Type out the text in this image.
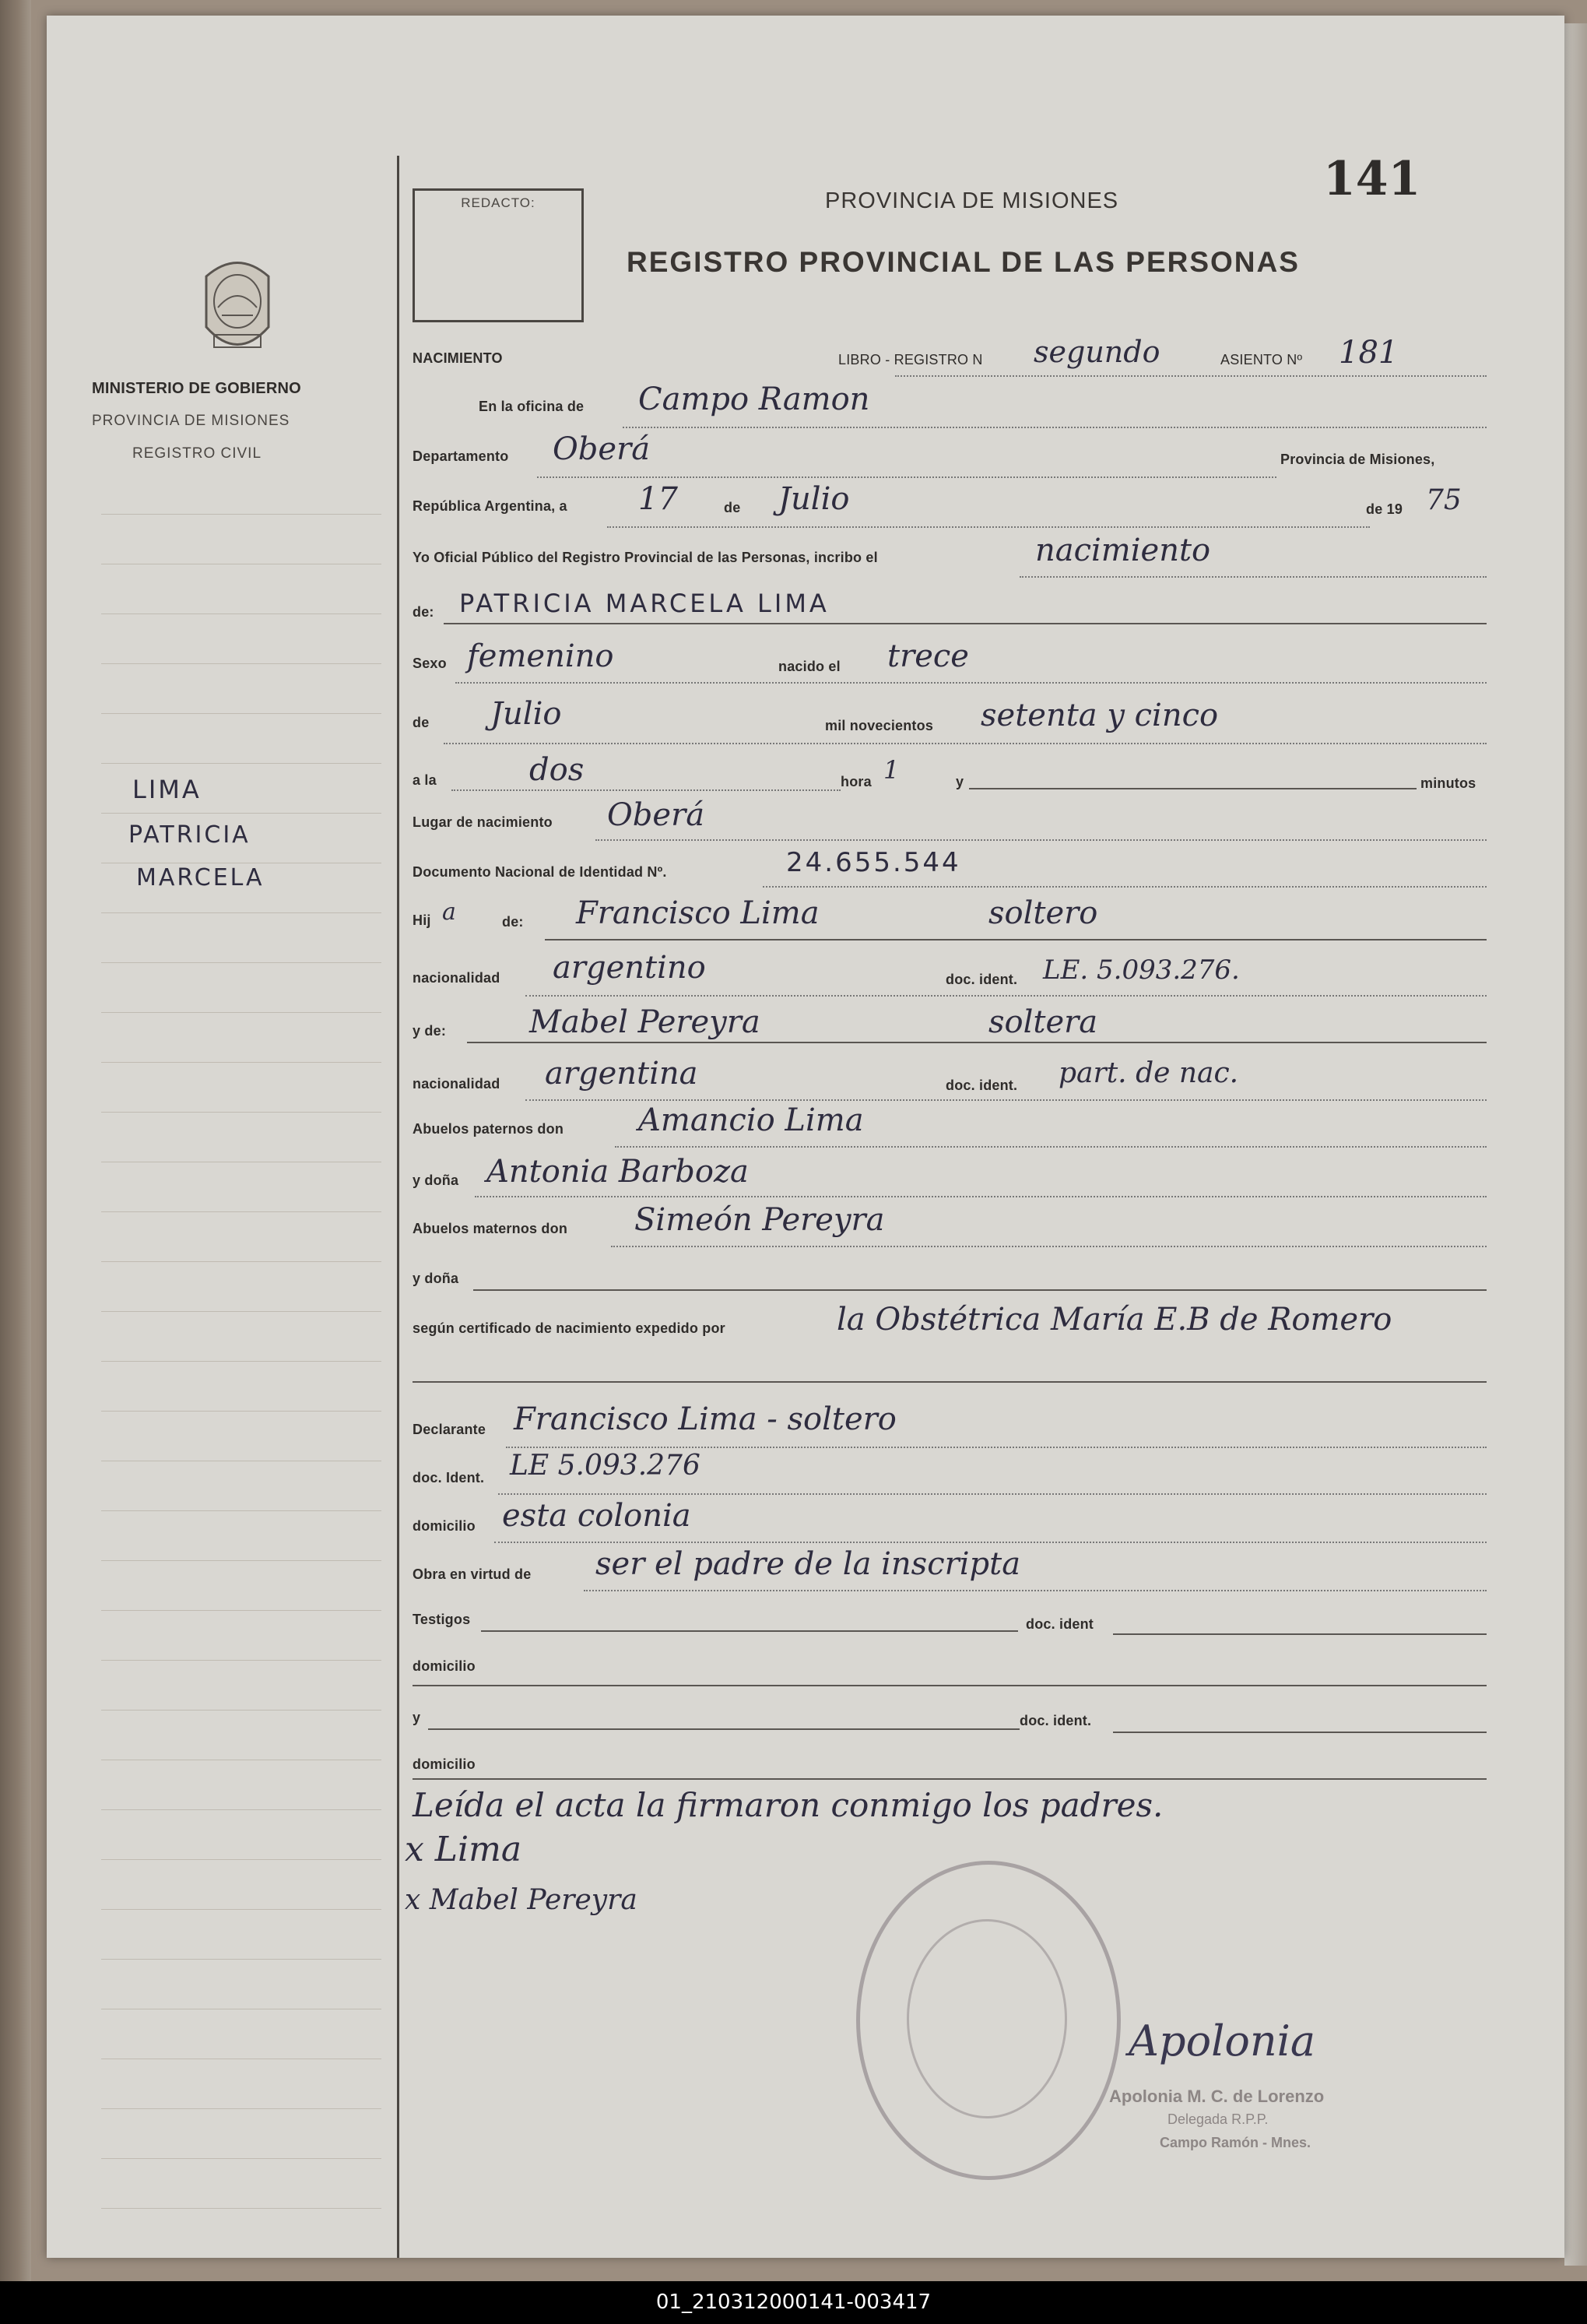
MINISTERIO DE GOBIERNO
PROVINCIA DE MISIONES
REGISTRO CIVIL
LIMA
PATRICIA
MARCELA
REDACTO:	141
PROVINCIA DE MISIONES
REGISTRO PROVINCIAL DE LAS PERSONAS
NACIMIENTO	LIBRO - REGISTRO N segundo	ASIENTO Nº 181
En la oficina de Campo Ramon
Departamento Oberá	Provincia de Misiones,
República Argentina, a 17	de Julio	de 19 75
Yo Oficial Público del Registro Provincial de las Personas, incribo el	nacimiento
de: PATRICIA MARCELA LIMA
Sexo femenino	nacido el trece
de Julio	mil novecientos setenta y cinco
a la	dos	hora 1	y	minutos
Lugar de nacimiento Oberá
Documento Nacional de Identidad Nº.	24.655.544
Hij a	de: Francisco Lima	soltero
nacionalidad argentino	doc. ident. LE. 5.093.276.
y de:	Mabel Pereyra	soltera
nacionalidad argentina	doc. ident. part. de nac.
Abuelos paternos don Amancio Lima
y doña Antonia Barboza
Abuelos maternos don Simeón Pereyra
y doña
según certificado de nacimiento expedido por	la Obstétrica María E.B de Romero
Declarante Francisco Lima - soltero
doc. Ident. LE 5.093.276
domicilio esta colonia
Obra en virtud de ser el padre de la inscripta
Testigos	doc. ident
domicilio
y	doc. ident.
domicilio
Leída el acta la firmaron conmigo los padres.
x Lima
x Mabel Pereyra
Apolonia
Apolonia M. C. de Lorenzo
Delegada R.P.P.
Campo Ramón - Mnes.
01_210312000141-003417
